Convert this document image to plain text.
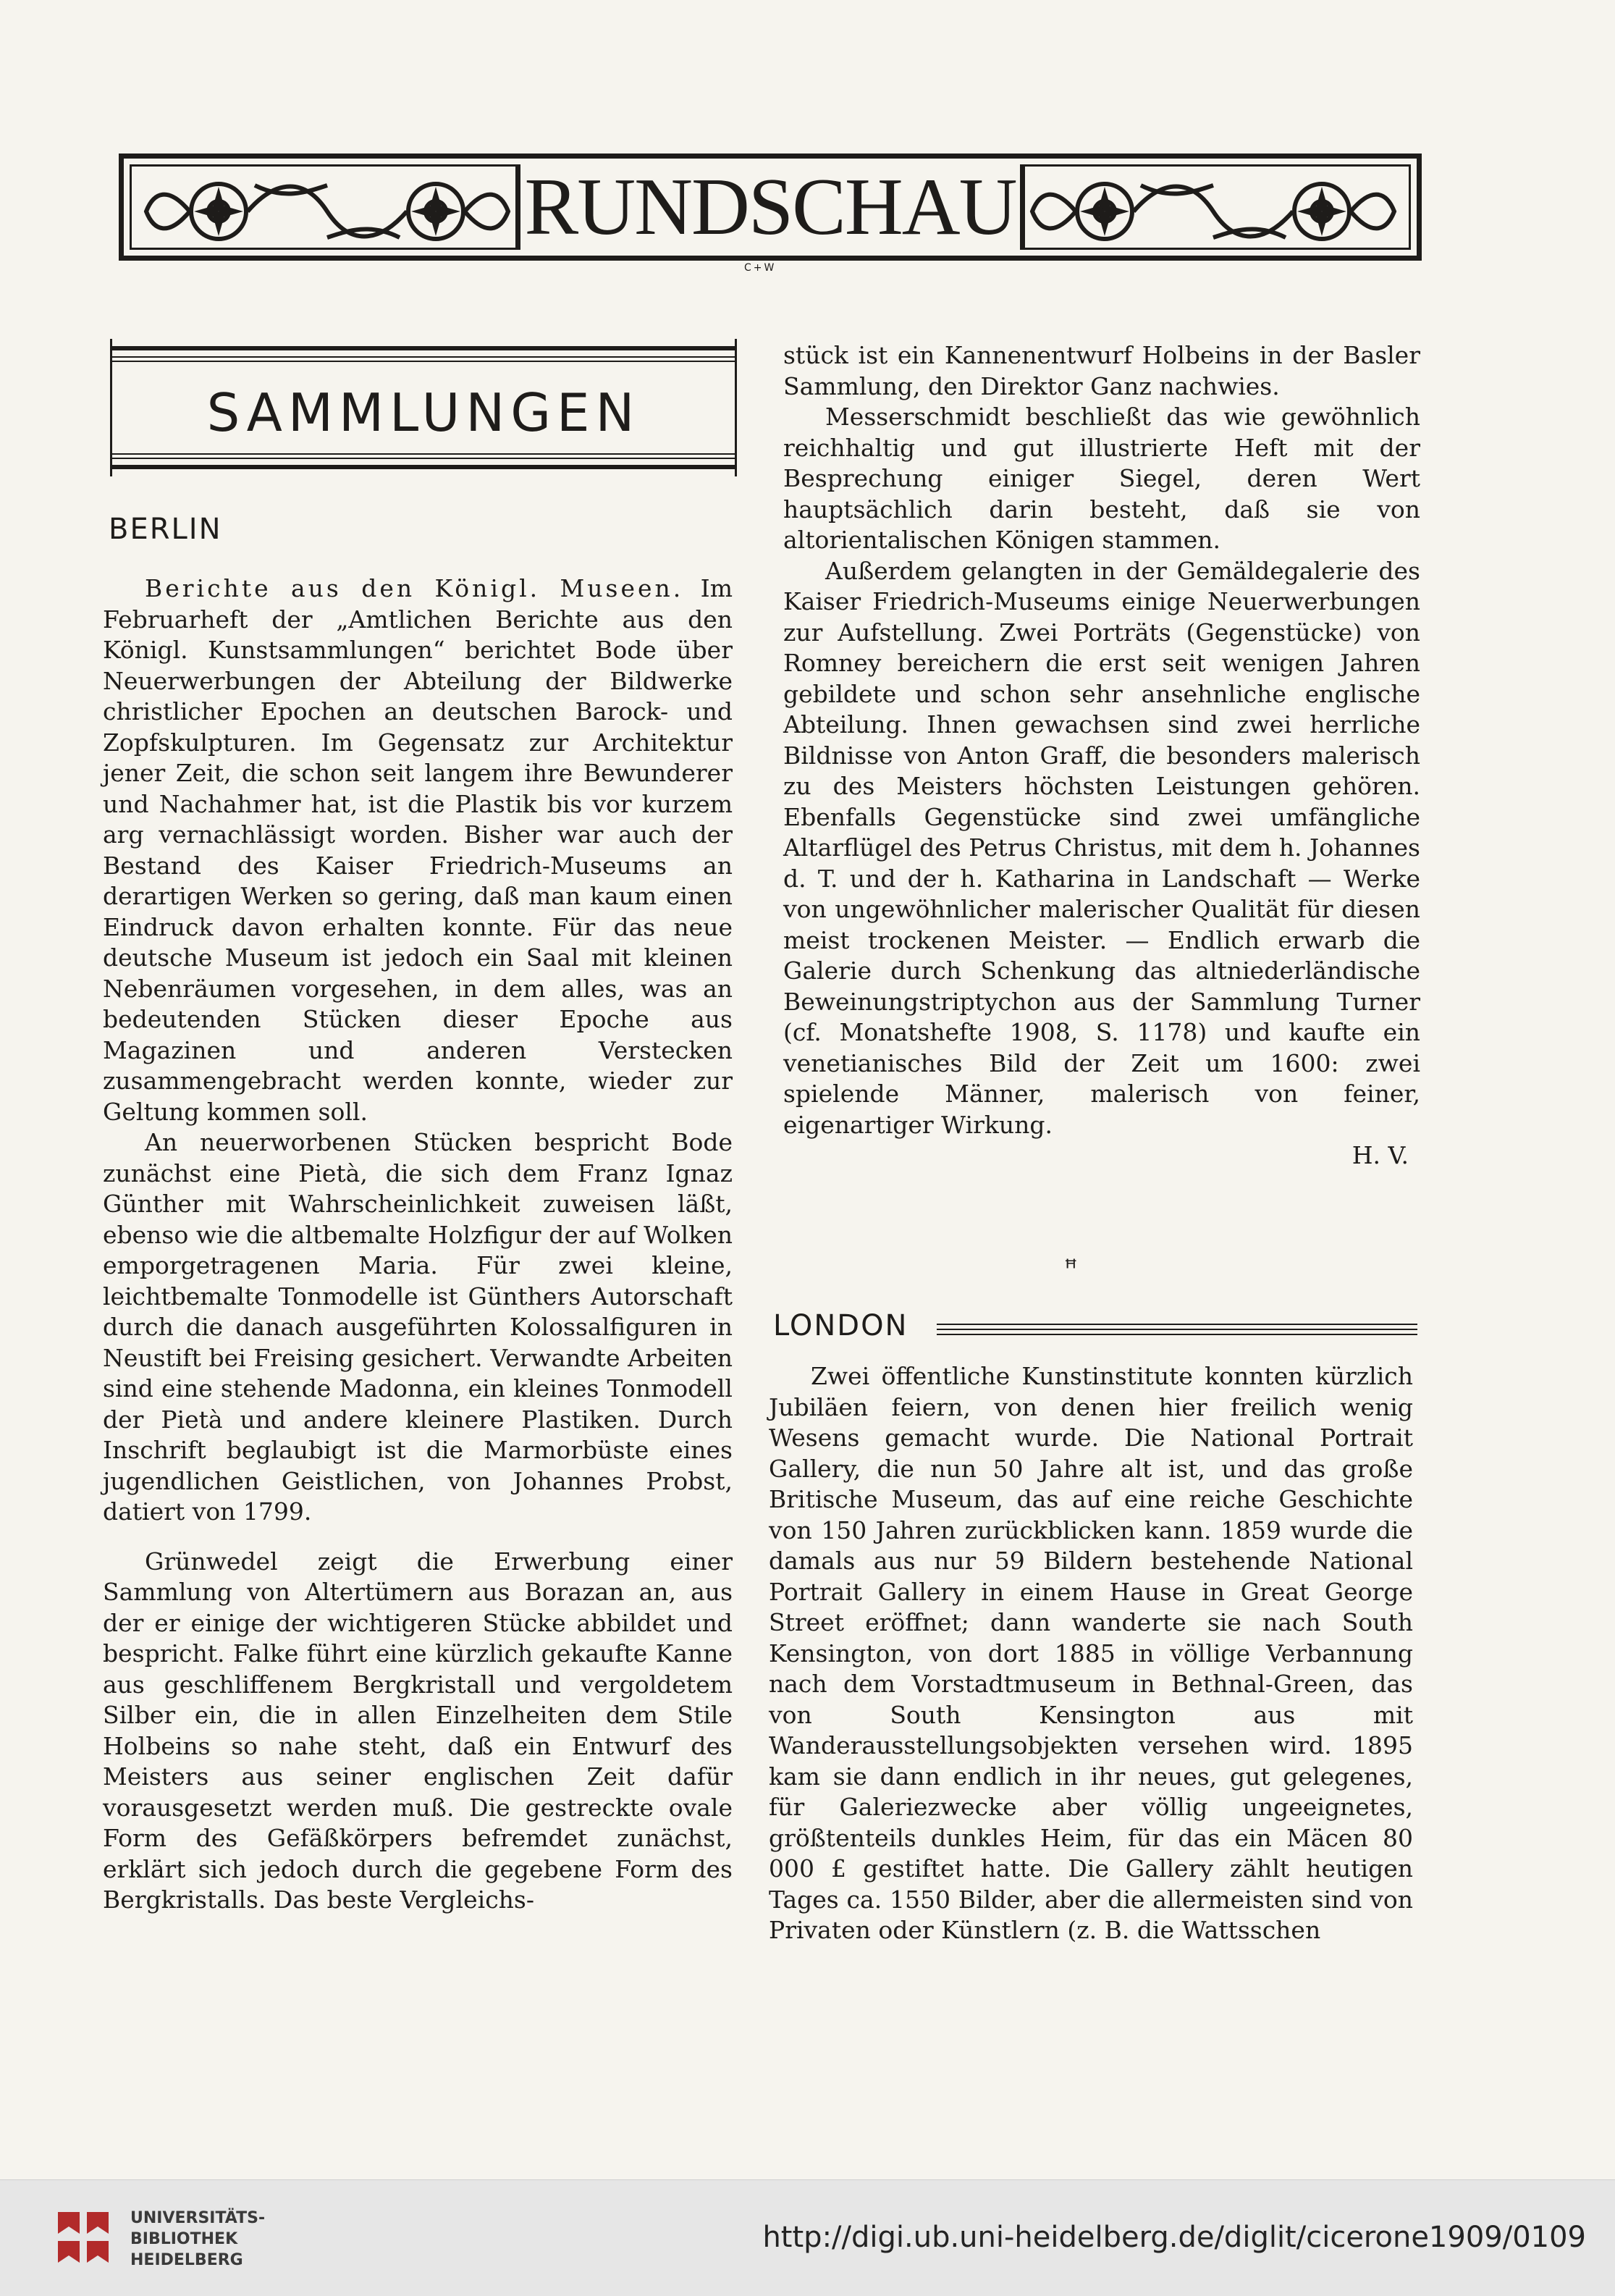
RUNDSCHAU
C+W
SAMMLUNGEN
BERLIN

Berichte aus den Königl. Museen. Im Februarheft der „Amtlichen Berichte aus den Königl. Kunstsammlungen“ berichtet Bode über Neuerwerbungen der Abteilung der Bildwerke christlicher Epochen an deutschen Barock- und Zopfskulpturen. Im Gegensatz zur Architektur jener Zeit, die schon seit langem ihre Bewunderer und Nachahmer hat, ist die Plastik bis vor kurzem arg vernachlässigt worden. Bisher war auch der Bestand des Kaiser Friedrich-Museums an derartigen Werken so gering, daß man kaum einen Eindruck davon erhalten konnte. Für das neue deutsche Museum ist jedoch ein Saal mit kleinen Nebenräumen vorgesehen, in dem alles, was an bedeutenden Stücken dieser Epoche aus Magazinen und anderen Verstecken zusammengebracht werden konnte, wieder zur Geltung kommen soll.

An neuerworbenen Stücken bespricht Bode zunächst eine Pietà, die sich dem Franz Ignaz Günther mit Wahrscheinlichkeit zuweisen läßt, ebenso wie die altbemalte Holzfigur der auf Wolken emporgetragenen Maria. Für zwei kleine, leichtbemalte Tonmodelle ist Günthers Autorschaft durch die danach ausgeführten Kolossalfiguren in Neustift bei Freising gesichert. Verwandte Arbeiten sind eine stehende Madonna, ein kleines Tonmodell der Pietà und andere kleinere Plastiken. Durch Inschrift beglaubigt ist die Marmorbüste eines jugendlichen Geistlichen, von Johannes Probst, datiert von 1799.

Grünwedel zeigt die Erwerbung einer Sammlung von Altertümern aus Borazan an, aus der er einige der wichtigeren Stücke abbildet und bespricht. Falke führt eine kürzlich gekaufte Kanne aus geschliffenem Bergkristall und vergoldetem Silber ein, die in allen Einzelheiten dem Stile Holbeins so nahe steht, daß ein Entwurf des Meisters aus seiner englischen Zeit dafür vorausgesetzt werden muß. Die gestreckte ovale Form des Gefäßkörpers befremdet zunächst, erklärt sich jedoch durch die gegebene Form des Bergkristalls. Das beste Vergleichs-

stück ist ein Kannenentwurf Holbeins in der Basler Sammlung, den Direktor Ganz nachwies.

Messerschmidt beschließt das wie gewöhnlich reichhaltig und gut illustrierte Heft mit der Besprechung einiger Siegel, deren Wert hauptsächlich darin besteht, daß sie von altorientalischen Königen stammen.

Außerdem gelangten in der Gemäldegalerie des Kaiser Friedrich-Museums einige Neuerwerbungen zur Aufstellung. Zwei Porträts (Gegenstücke) von Romney bereichern die erst seit wenigen Jahren gebildete und schon sehr ansehnliche englische Abteilung. Ihnen gewachsen sind zwei herrliche Bildnisse von Anton Graff, die besonders malerisch zu des Meisters höchsten Leistungen gehören. Ebenfalls Gegenstücke sind zwei umfängliche Altarflügel des Petrus Christus, mit dem h. Johannes d. T. und der h. Katharina in Landschaft — Werke von ungewöhnlicher malerischer Qualität für diesen meist trockenen Meister. — Endlich erwarb die Galerie durch Schenkung das altniederländische Beweinungstriptychon aus der Sammlung Turner (cf. Monatshefte 1908, S. 1178) und kaufte ein venetianisches Bild der Zeit um 1600: zwei spielende Männer, malerisch von feiner, eigenartiger Wirkung.

H. V.
ꟸ
LONDON

Zwei öffentliche Kunstinstitute konnten kürzlich Jubiläen feiern, von denen hier freilich wenig Wesens gemacht wurde. Die National Portrait Gallery, die nun 50 Jahre alt ist, und das große Britische Museum, das auf eine reiche Geschichte von 150 Jahren zurückblicken kann. 1859 wurde die damals aus nur 59 Bildern bestehende National Portrait Gallery in einem Hause in Great George Street eröffnet; dann wanderte sie nach South Kensington, von dort 1885 in völlige Verbannung nach dem Vorstadtmuseum in Bethnal-Green, das von South Kensington aus mit Wanderausstellungsobjekten versehen wird. 1895 kam sie dann endlich in ihr neues, gut gelegenes, für Galeriezwecke aber völlig ungeeignetes, größtenteils dunkles Heim, für das ein Mäcen 80 000 £ gestiftet hatte. Die Gallery zählt heutigen Tages ca. 1550 Bilder, aber die allermeisten sind von Privaten oder Künstlern (z. B. die Wattsschen

UNIVERSITÄTS-
BIBLIOTHEK
HEIDELBERG
http://digi.ub.uni-heidelberg.de/diglit/cicerone1909/0109
